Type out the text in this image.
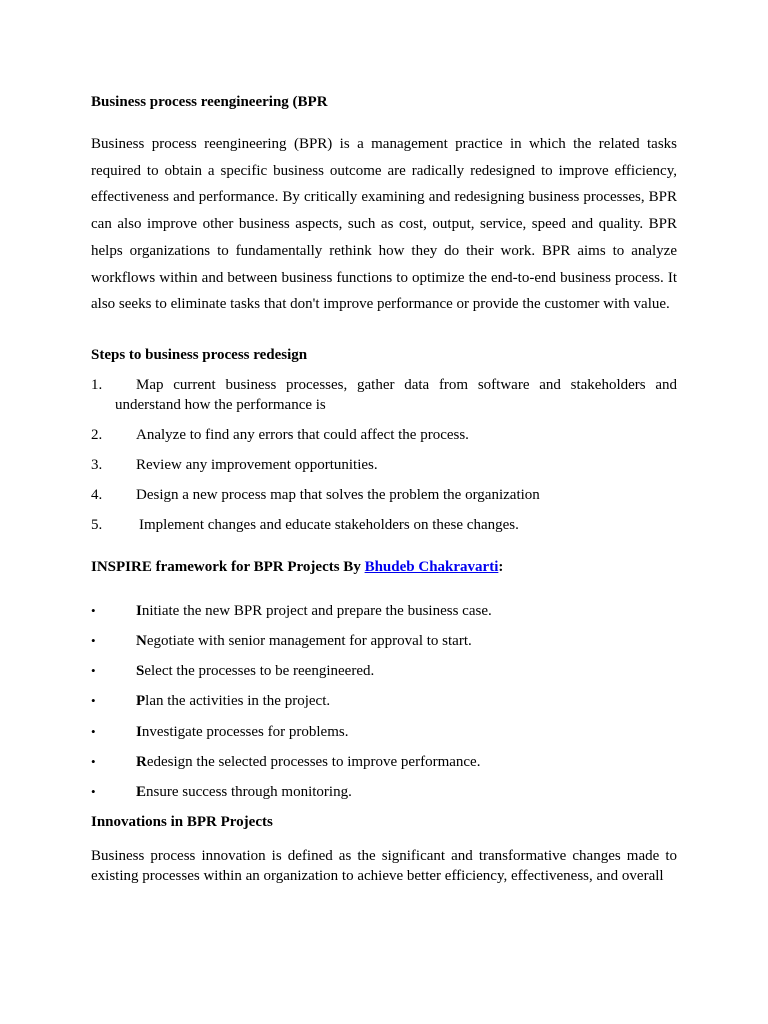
Business process reengineering (BPR

Business process reengineering (BPR) is a management practice in which the related tasks required to obtain a specific business outcome are radically redesigned to improve efficiency, effectiveness and performance. By critically examining and redesigning business processes, BPR can also improve other business aspects, such as cost, output, service, speed and quality. BPR helps organizations to fundamentally rethink how they do their work. BPR aims to analyze workflows within and between business functions to optimize the end-to-end business process. It also seeks to eliminate tasks that don't improve performance or provide the customer with value.

Steps to business process redesign
1. Map current business processes, gather data from software and stakeholders and understand how the performance is
2. Analyze to find any errors that could affect the process.
3. Review any improvement opportunities.
4. Design a new process map that solves the problem the organization
5. Implement changes and educate stakeholders on these changes.
INSPIRE framework for BPR Projects By Bhudeb Chakravarti:
•	Initiate the new BPR project and prepare the business case.
•	Negotiate with senior management for approval to start.
•	Select the processes to be reengineered.
•	Plan the activities in the project.
•	Investigate processes for problems.
•	Redesign the selected processes to improve performance.
•	Ensure success through monitoring.
Innovations in BPR Projects

Business process innovation is defined as the significant and transformative changes made to existing processes within an organization to achieve better efficiency, effectiveness, and overall
